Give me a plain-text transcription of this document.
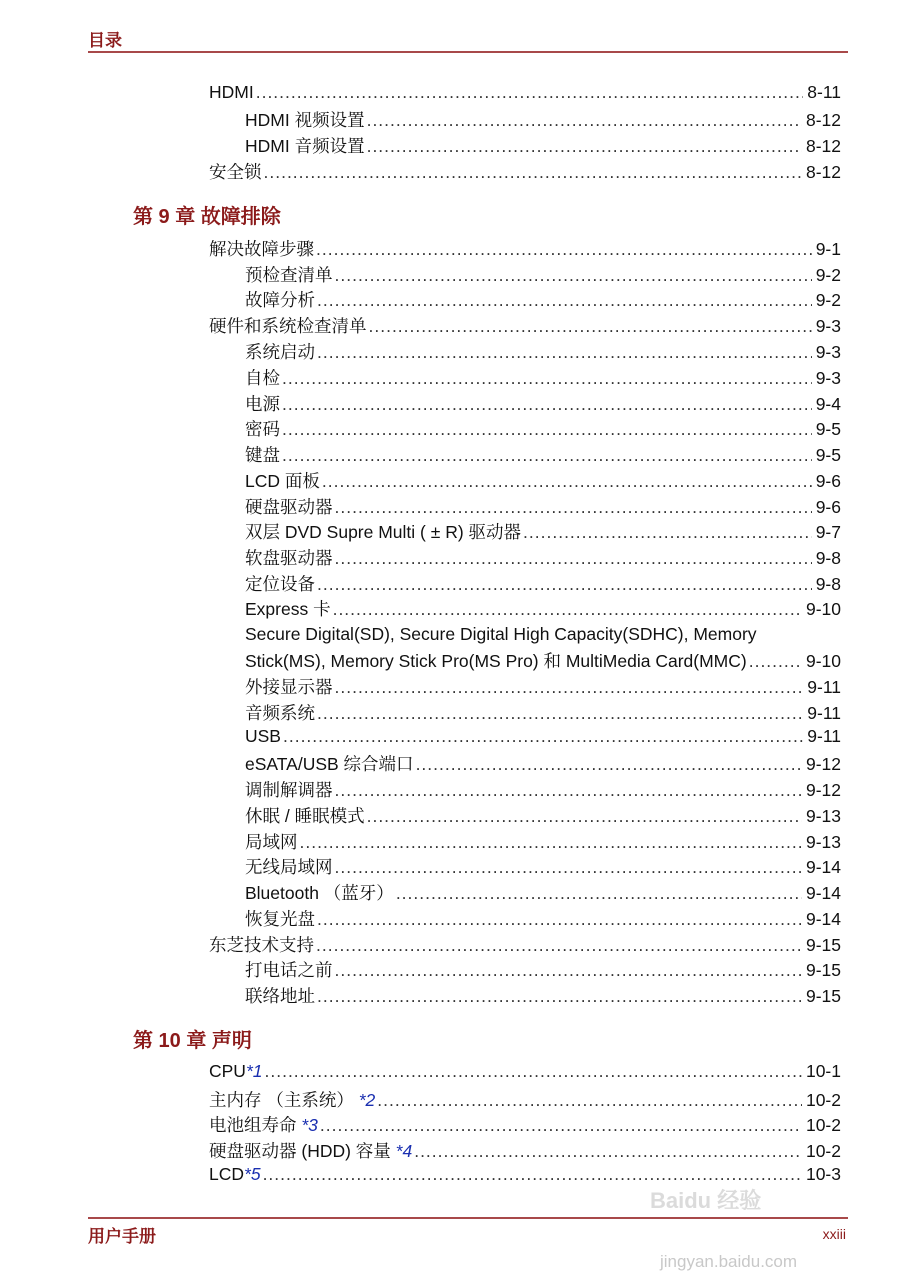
目录
第 9 章 故障排除
第 10 章 声明
HDMI .....	8-11
HDMI 视频设置 .....	8-12
HDMI 音频设置 .....	8-12
安全锁 .....	8-12
解决故障步骤 .....	9-1
预检查清单 .....	9-2
故障分析 .....	9-2
硬件和系统检查清单 .....	9-3
系统启动 .....	9-3
自检 .....	9-3
电源 .....	9-4
密码 .....	9-5
键盘 .....	9-5
LCD 面板 .....	9-6
硬盘驱动器 .....	9-6
双层 DVD Supre Multi ( ± R) 驱动器 .....	9-7
软盘驱动器 .....	9-8
定位设备 .....	9-8
Express 卡 .....	9-10
Secure Digital(SD), Secure Digital High Capacity(SDHC), Memory
Stick(MS), Memory Stick Pro(MS Pro) 和 MultiMedia Card(MMC) .....	9-10
外接显示器 .....	9-11
音频系统 .....	9-11
USB .....	9-11
eSATA/USB 综合端口 .....	9-12
调制解调器 .....	9-12
休眠 / 睡眠模式 .....	9-13
局域网 .....	9-13
无线局域网 .....	9-14
Bluetooth （蓝牙） .....	9-14
恢复光盘 .....	9-14
东芝技术支持 .....	9-15
打电话之前 .....	9-15
联络地址 .....	9-15
CPU*1 .....	10-1
主内存 （主系统） *2 .....	10-2
电池组寿命 *3 .....	10-2
硬盘驱动器 (HDD) 容量 *4 .....	10-2
LCD*5 .....	10-3
Baidu 经验
jingyan.baidu.com
用户手册	xxiii
